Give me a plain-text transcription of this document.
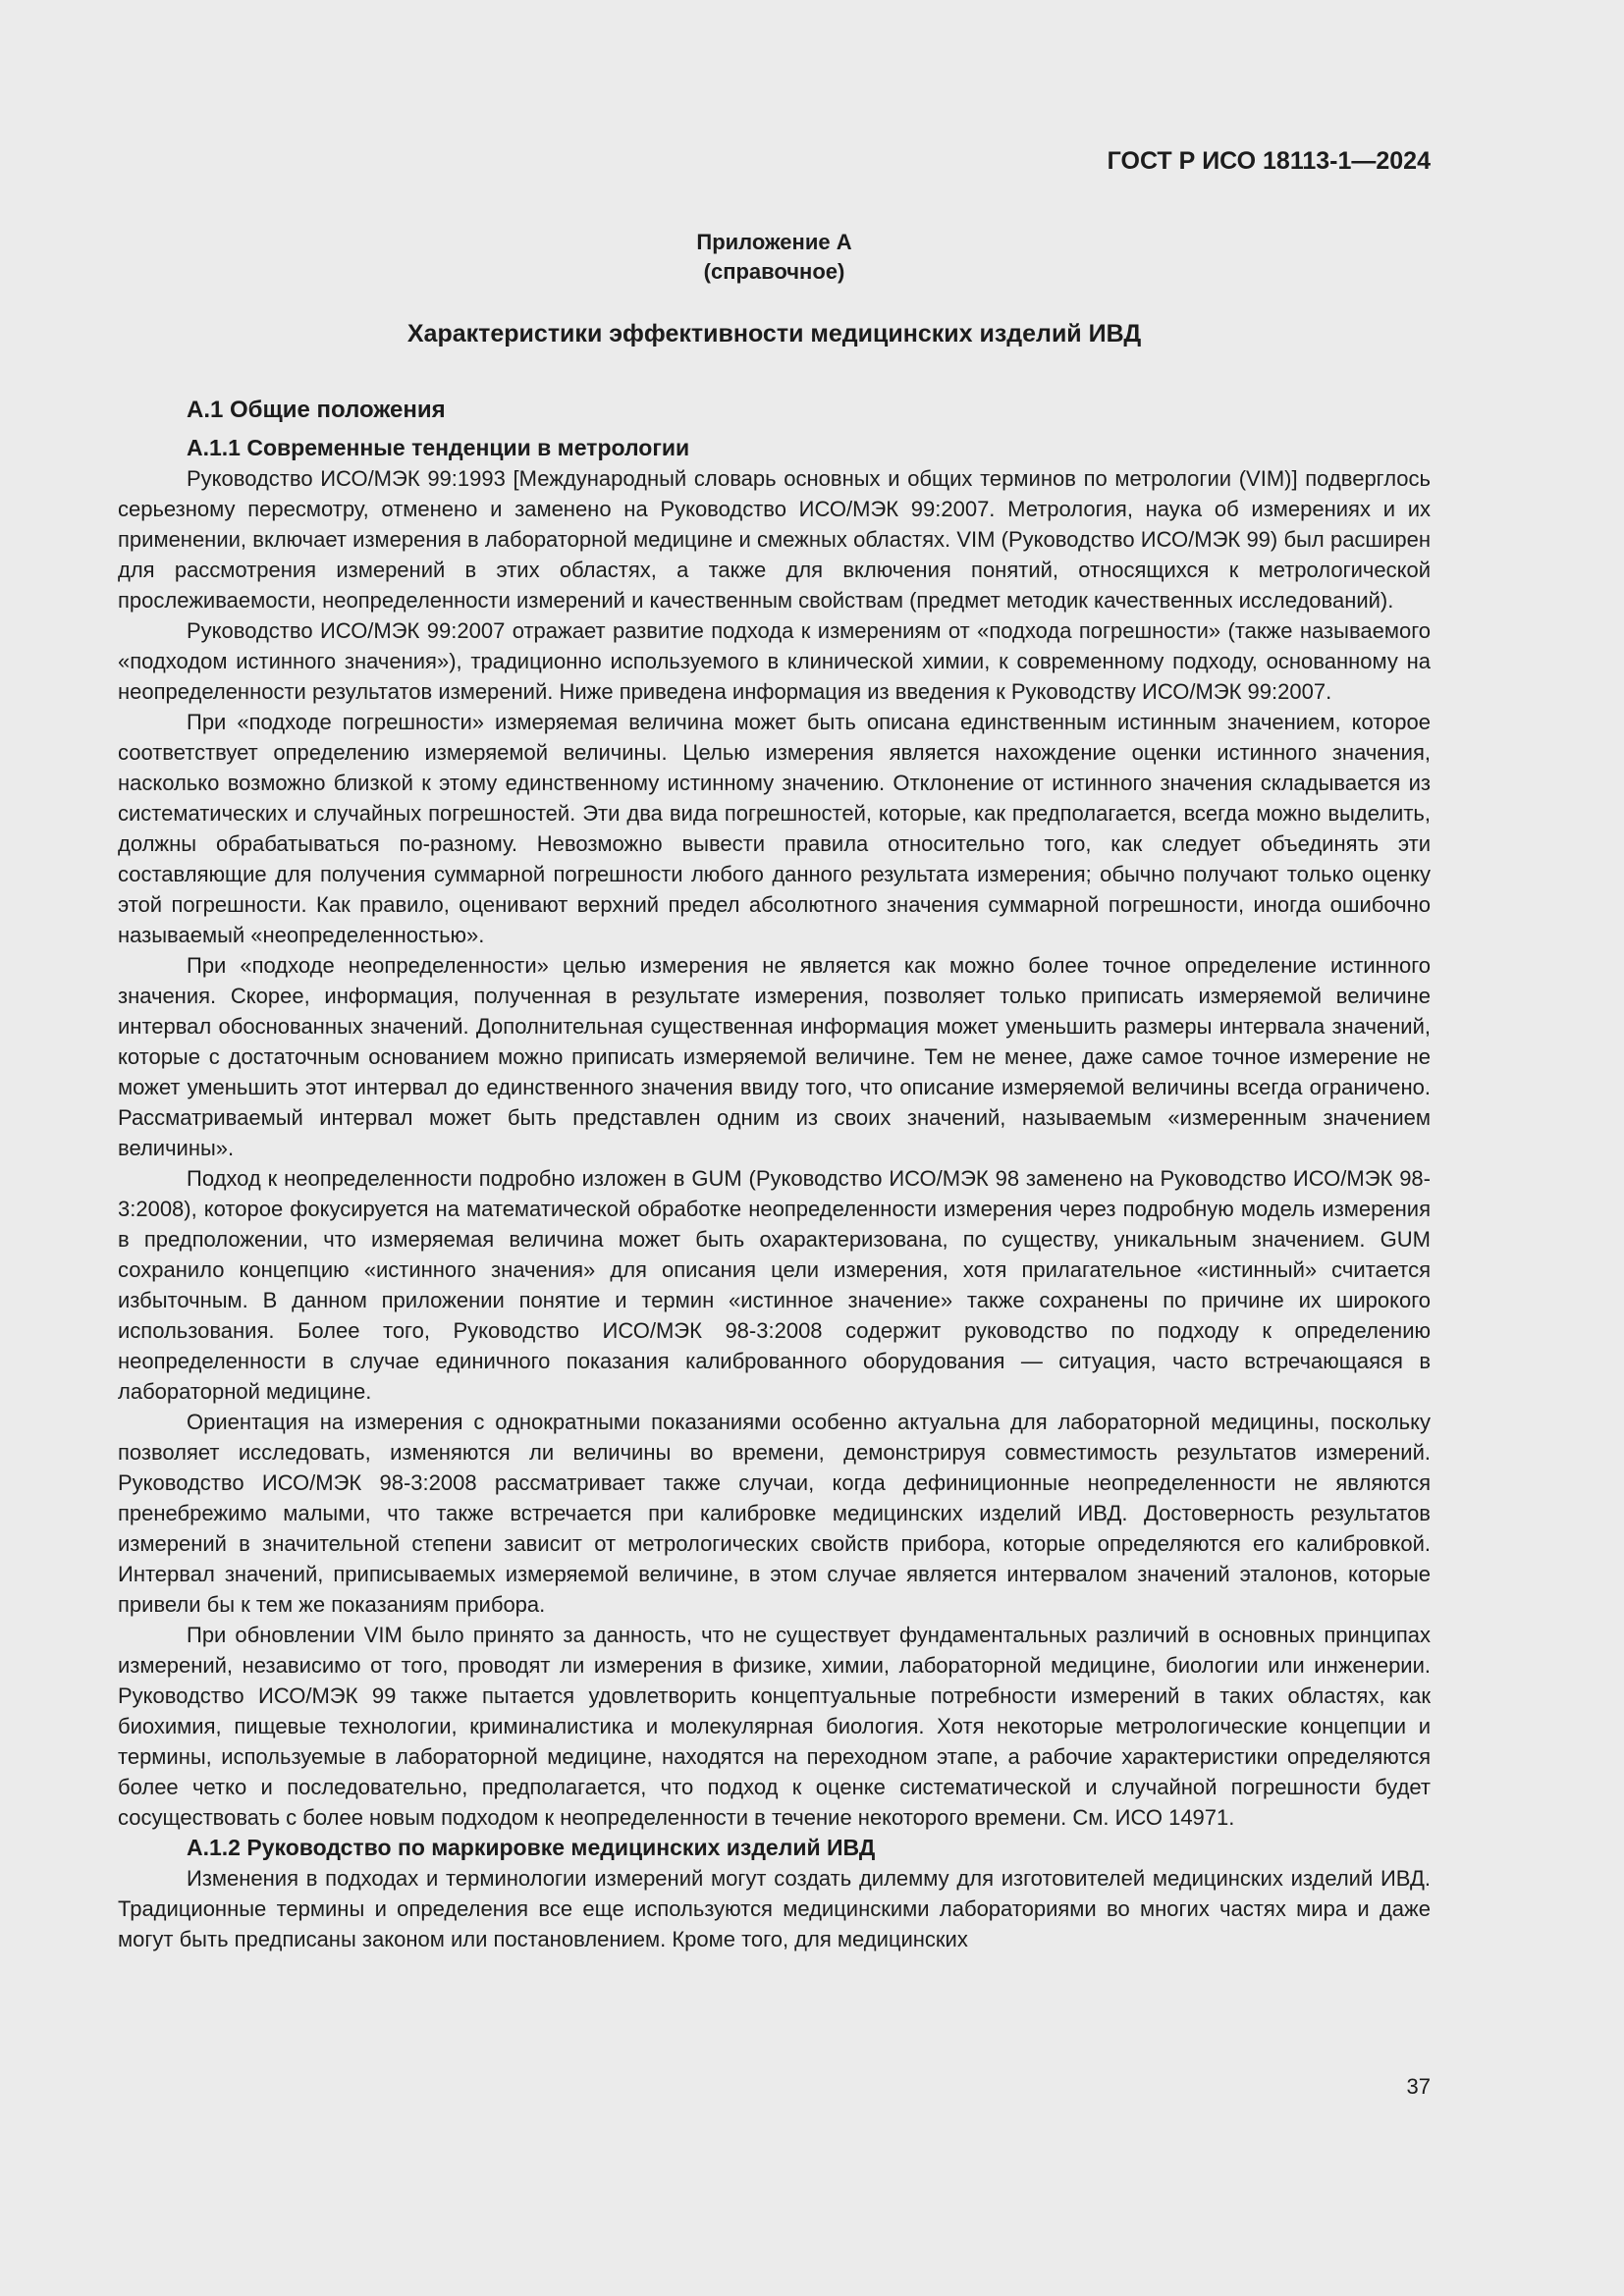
ГОСТ Р ИСО 18113-1—2024
Приложение А
(справочное)
Характеристики эффективности медицинских изделий ИВД
А.1 Общие положения
А.1.1 Современные тенденции в метрологии

Руководство ИСО/МЭК 99:1993 [Международный словарь основных и общих терминов по метрологии (VIM)] подверглось серьезному пересмотру, отменено и заменено на Руководство ИСО/МЭК 99:2007. Метрология, наука об измерениях и их применении, включает измерения в лабораторной медицине и смежных областях. VIM (Руководство ИСО/МЭК 99) был расширен для рассмотрения измерений в этих областях, а также для включения понятий, относящихся к метрологической прослеживаемости, неопределенности измерений и качественным свойствам (предмет методик качественных исследований).

Руководство ИСО/МЭК 99:2007 отражает развитие подхода к измерениям от «подхода погрешности» (также называемого «подходом истинного значения»), традиционно используемого в клинической химии, к современному подходу, основанному на неопределенности результатов измерений. Ниже приведена информация из введения к Руководству ИСО/МЭК 99:2007.

При «подходе погрешности» измеряемая величина может быть описана единственным истинным значением, которое соответствует определению измеряемой величины. Целью измерения является нахождение оценки истинного значения, насколько возможно близкой к этому единственному истинному значению. Отклонение от истинного значения складывается из систематических и случайных погрешностей. Эти два вида погрешностей, которые, как предполагается, всегда можно выделить, должны обрабатываться по-разному. Невозможно вывести правила относительно того, как следует объединять эти составляющие для получения суммарной погрешности любого данного результата измерения; обычно получают только оценку этой погрешности. Как правило, оценивают верхний предел абсолютного значения суммарной погрешности, иногда ошибочно называемый «неопределенностью».

При «подходе неопределенности» целью измерения не является как можно более точное определение истинного значения. Скорее, информация, полученная в результате измерения, позволяет только приписать измеряемой величине интервал обоснованных значений. Дополнительная существенная информация может уменьшить размеры интервала значений, которые с достаточным основанием можно приписать измеряемой величине. Тем не менее, даже самое точное измерение не может уменьшить этот интервал до единственного значения ввиду того, что описание измеряемой величины всегда ограничено. Рассматриваемый интервал может быть представлен одним из своих значений, называемым «измеренным значением величины».

Подход к неопределенности подробно изложен в GUM (Руководство ИСО/МЭК 98 заменено на Руководство ИСО/МЭК 98-3:2008), которое фокусируется на математической обработке неопределенности измерения через подробную модель измерения в предположении, что измеряемая величина может быть охарактеризована, по существу, уникальным значением. GUM сохранило концепцию «истинного значения» для описания цели измерения, хотя прилагательное «истинный» считается избыточным. В данном приложении понятие и термин «истинное значение» также сохранены по причине их широкого использования. Более того, Руководство ИСО/МЭК 98-3:2008 содержит руководство по подходу к определению неопределенности в случае единичного показания калиброванного оборудования — ситуация, часто встречающаяся в лабораторной медицине.

Ориентация на измерения с однократными показаниями особенно актуальна для лабораторной медицины, поскольку позволяет исследовать, изменяются ли величины во времени, демонстрируя совместимость результатов измерений. Руководство ИСО/МЭК 98-3:2008 рассматривает также случаи, когда дефиниционные неопределенности не являются пренебрежимо малыми, что также встречается при калибровке медицинских изделий ИВД. Достоверность результатов измерений в значительной степени зависит от метрологических свойств прибора, которые определяются его калибровкой. Интервал значений, приписываемых измеряемой величине, в этом случае является интервалом значений эталонов, которые привели бы к тем же показаниям прибора.

При обновлении VIM было принято за данность, что не существует фундаментальных различий в основных принципах измерений, независимо от того, проводят ли измерения в физике, химии, лабораторной медицине, биологии или инженерии. Руководство ИСО/МЭК 99 также пытается удовлетворить концептуальные потребности измерений в таких областях, как биохимия, пищевые технологии, криминалистика и молекулярная биология. Хотя некоторые метрологические концепции и термины, используемые в лабораторной медицине, находятся на переходном этапе, а рабочие характеристики определяются более четко и последовательно, предполагается, что подход к оценке систематической и случайной погрешности будет сосуществовать с более новым подходом к неопределенности в течение некоторого времени. См. ИСО 14971.

А.1.2 Руководство по маркировке медицинских изделий ИВД

Изменения в подходах и терминологии измерений могут создать дилемму для изготовителей медицинских изделий ИВД. Традиционные термины и определения все еще используются медицинскими лабораториями во многих частях мира и даже могут быть предписаны законом или постановлением. Кроме того, для медицинских

37
